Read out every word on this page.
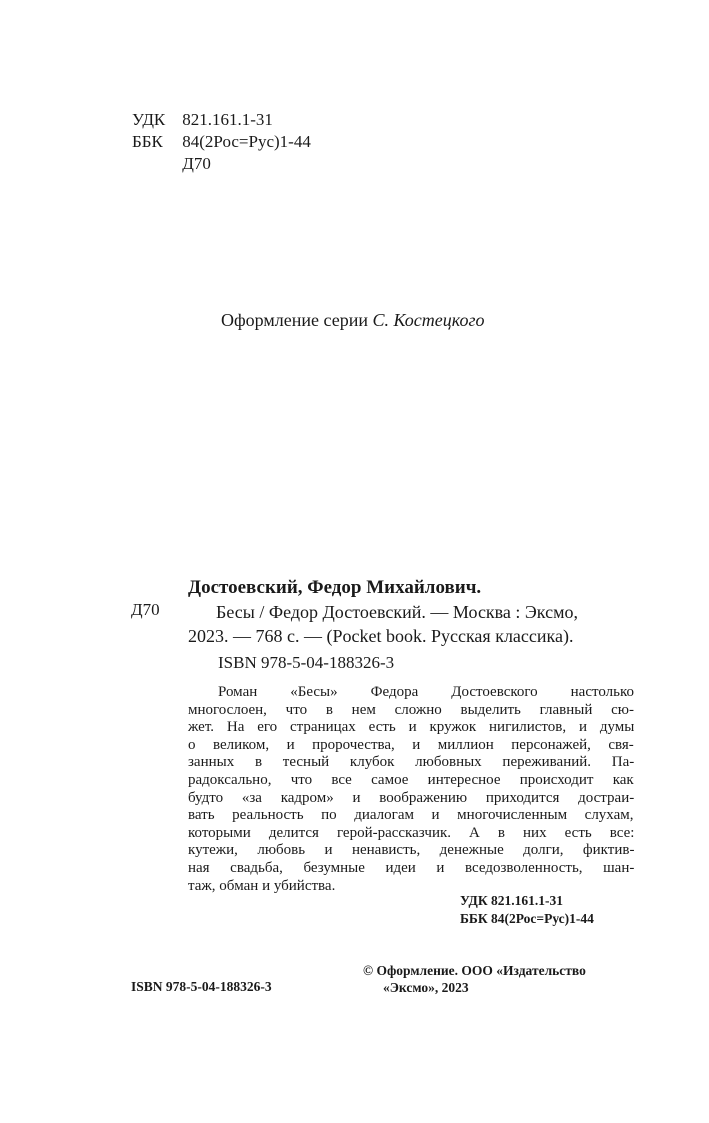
УДК 821.161.1-31
ББК 84(2Рос=Рус)1-44
Д70
Оформление серии С. Костецкого
Достоевский, Федор Михайлович.
Д70	Бесы / Федор Достоевский. — Москва : Эксмо,
2023. — 768 с. — (Pocket book. Русская классика).
ISBN 978-5-04-188326-3
Роман «Бесы» Федора Достоевского настолько
многослоен, что в нем сложно выделить главный сю-
жет. На его страницах есть и кружок нигилистов, и думы
о великом, и пророчества, и миллион персонажей, свя-
занных в тесный клубок любовных переживаний. Па-
радоксально, что все самое интересное происходит как
будто «за кадром» и воображению приходится достраи-
вать реальность по диалогам и многочисленным слухам,
которыми делится герой-рассказчик. А в них есть все:
кутежи, любовь и ненависть, денежные долги, фиктив-
ная свадьба, безумные идеи и вседозволенность, шан-
таж, обман и убийства.
УДК 821.161.1-31
ББК 84(2Рос=Рус)1-44
© Оформление. ООО «Издательство
«Эксмо», 2023
ISBN 978-5-04-188326-3
